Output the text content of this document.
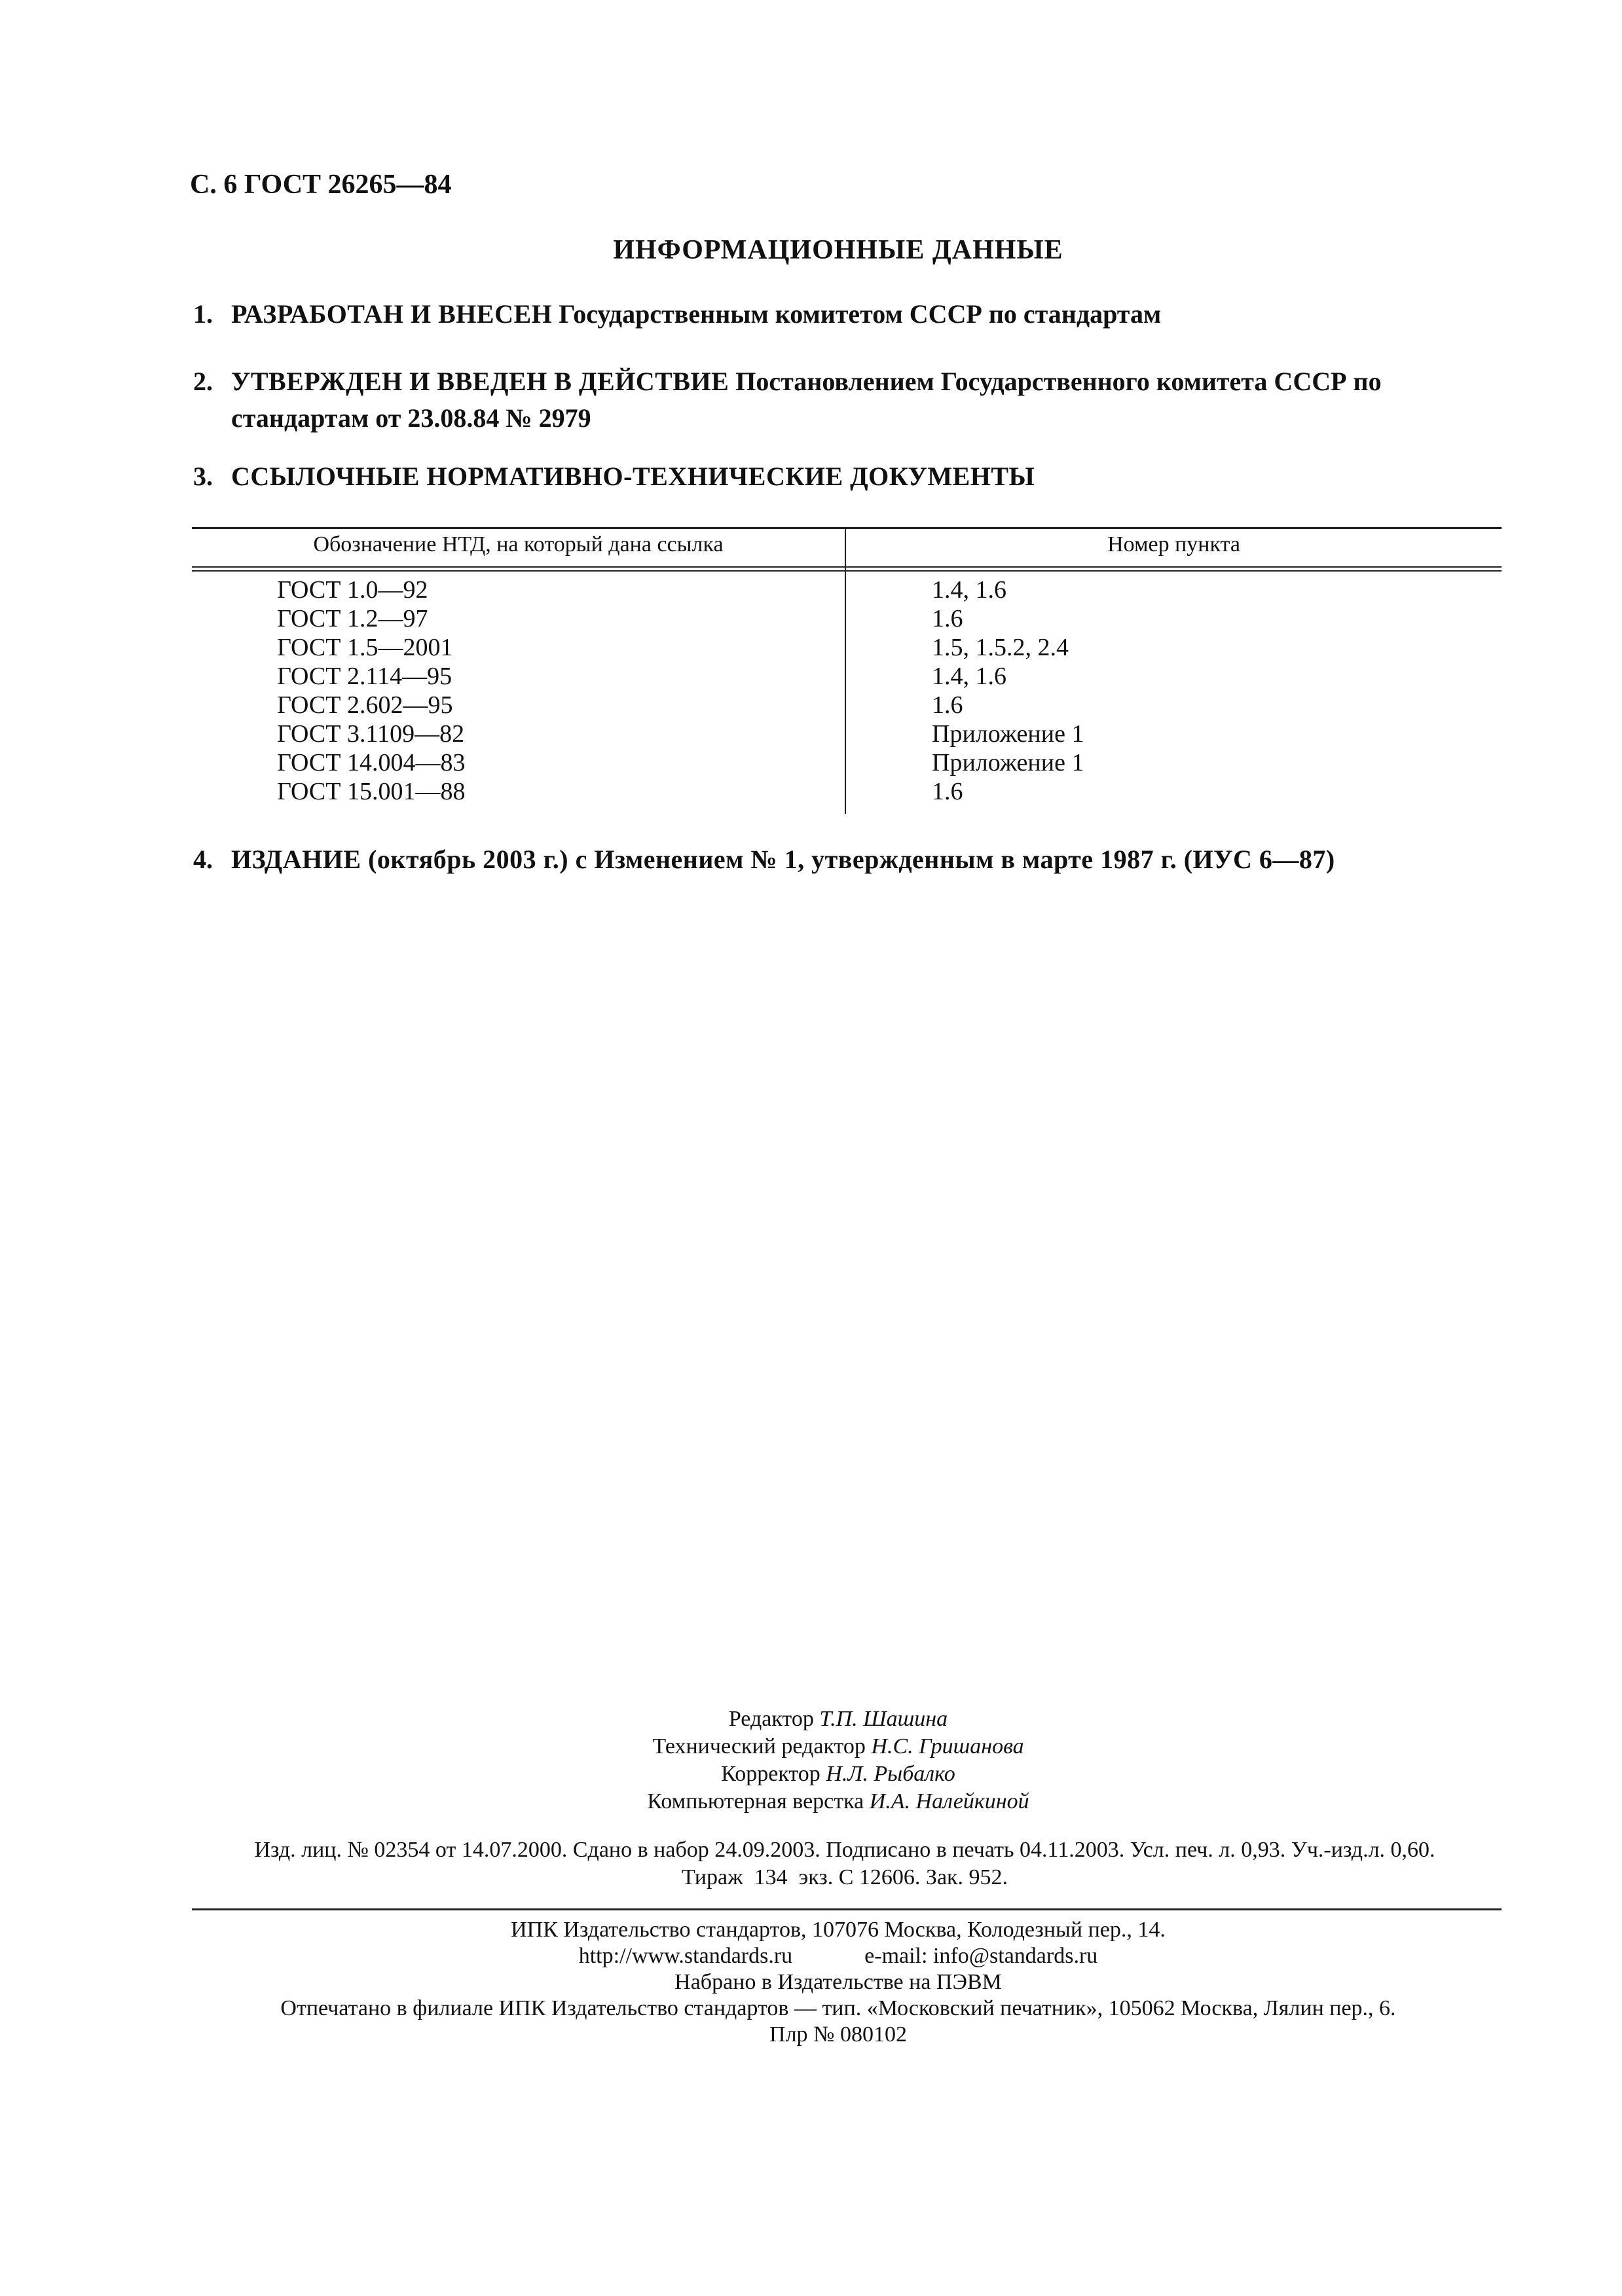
С. 6 ГОСТ 26265—84
ИНФОРМАЦИОННЫЕ ДАННЫЕ
1. РАЗРАБОТАН И ВНЕСЕН Государственным комитетом СССР по стандартам
2. УТВЕРЖДЕН И ВВЕДЕН В ДЕЙСТВИЕ Постановлением Государственного комитета СССР по стандартам от 23.08.84 № 2979
3. ССЫЛОЧНЫЕ НОРМАТИВНО-ТЕХНИЧЕСКИЕ ДОКУМЕНТЫ
Обозначение НТД, на который дана ссылка	Номер пункта
ГОСТ 1.0—92
ГОСТ 1.2—97
ГОСТ 1.5—2001
ГОСТ 2.114—95
ГОСТ 2.602—95
ГОСТ 3.1109—82
ГОСТ 14.004—83
ГОСТ 15.001—88
1.4, 1.6
1.6
1.5, 1.5.2, 2.4
1.4, 1.6
1.6
Приложение 1
Приложение 1
1.6
4. ИЗДАНИЕ (октябрь 2003 г.) с Изменением № 1, утвержденным в марте 1987 г. (ИУС 6—87)
Редактор Т.П. Шашина
Технический редактор Н.С. Гришанова
Корректор Н.Л. Рыбалко
Компьютерная верстка И.А. Налейкиной
Изд. лиц. № 02354 от 14.07.2000. Сдано в набор 24.09.2003. Подписано в печать 04.11.2003. Усл. печ. л. 0,93. Уч.-изд.л. 0,60.
Тираж  134  экз. С 12606. Зак. 952.
ИПК Издательство стандартов, 107076 Москва, Колодезный пер., 14.
http://www.standards.ru	e-mail: info@standards.ru
Набрано в Издательстве на ПЭВМ
Отпечатано в филиале ИПК Издательство стандартов — тип. «Московский печатник», 105062 Москва, Лялин пер., 6.
Плр № 080102
